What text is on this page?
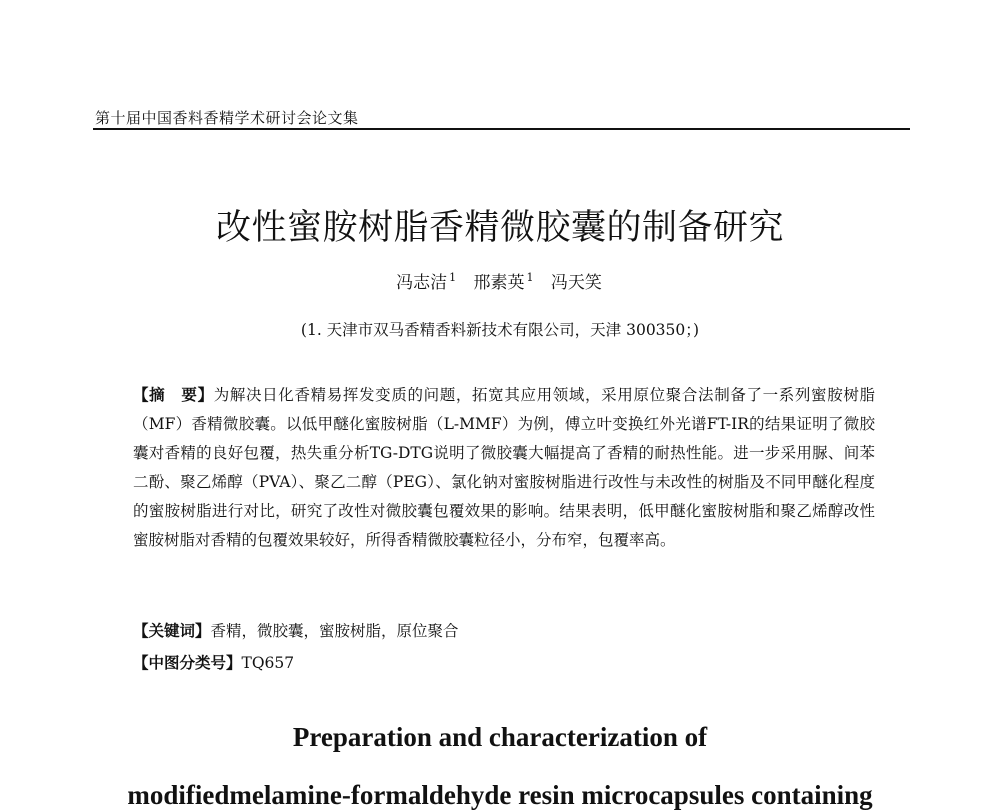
第十届中国香料香精学术研讨会论文集
改性蜜胺树脂香精微胶囊的制备研究
冯志洁 $^1$ 邢素英 $^1$ 冯天笑
(1. 天津市双马香精香料新技术有限公司，天津 300350；)
【摘　要】为解决日化香精易挥发变质的问题，拓宽其应用领域，采用原位聚合法制备了一系列蜜胺树脂（MF）香精微胶囊。以低甲醚化蜜胺树脂（L-MMF）为例，傅立叶变换红外光谱FT-IR的结果证明了微胶囊对香精的良好包覆，热失重分析TG-DTG说明了微胶囊大幅提高了香精的耐热性能。进一步采用脲、间苯二酚、聚乙烯醇（PVA）、聚乙二醇（PEG）、氯化钠对蜜胺树脂进行改性与未改性的树脂及不同甲醚化程度的蜜胺树脂进行对比，研究了改性对微胶囊包覆效果的影响。结果表明，低甲醚化蜜胺树脂和聚乙烯醇改性蜜胺树脂对香精的包覆效果较好，所得香精微胶囊粒径小，分布窄，包覆率高。
【关键词】香精，微胶囊，蜜胺树脂，原位聚合
【中图分类号】TQ657
Preparation and characterization of
modifiedmelamine-formaldehyde resin microcapsules containing
